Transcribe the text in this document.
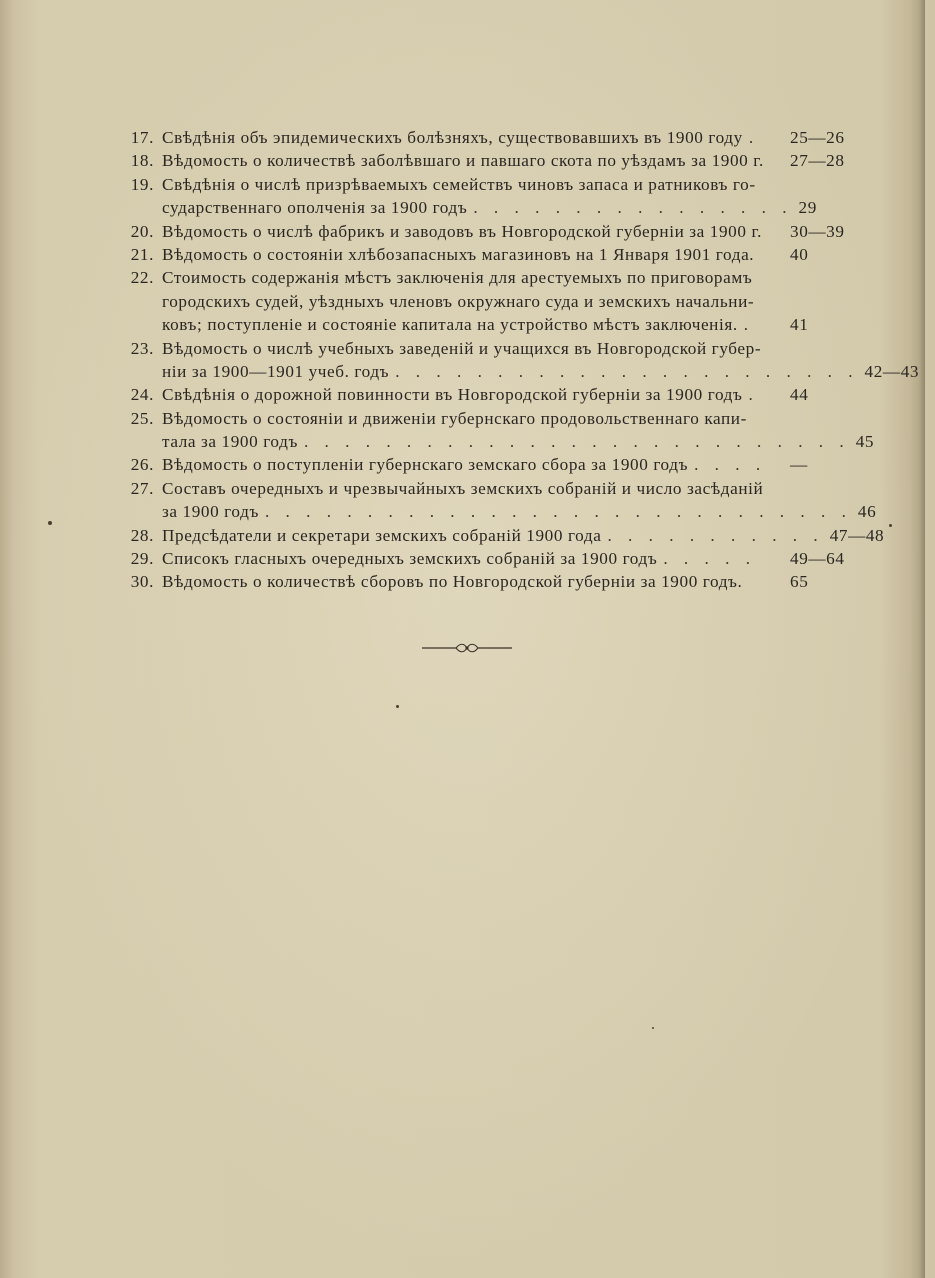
17. Свѣдѣнія объ эпидемическихъ болѣзняхъ, существовавшихъ въ 1900 году .	25—26
18. Вѣдомость о количествѣ заболѣвшаго и павшаго скота по уѣздамъ за 1900 г.	27—28
19. Свѣдѣнія о числѣ призрѣваемыхъ семействъ чиновъ запаса и ратниковъ го-
сударственнаго ополченія за 1900 годъ . . . . . . . . . . . . . . . . 29
20. Вѣдомость о числѣ фабрикъ и заводовъ въ Новгородской губерніи за 1900 г.	30—39
21. Вѣдомость о состояніи хлѣбозапасныхъ магазиновъ на 1 Января 1901 года.	40
22. Стоимость содержанія мѣстъ заключенія для арестуемыхъ по приговорамъ
городскихъ судей, уѣздныхъ членовъ окружнаго суда и земскихъ начальни-
ковъ; поступленіе и состояніе капитала на устройство мѣстъ заключенія. .	41
23. Вѣдомость о числѣ учебныхъ заведеній и учащихся въ Новгородской губер-
ніи за 1900—1901 учеб. годъ . . . . . . . . . . . . . . . . . . . . . . . 42—43
24. Свѣдѣнія о дорожной повинности въ Новгородской губерніи за 1900 годъ .	44
25. Вѣдомость о состояніи и движеніи губернскаго продовольственнаго капи-
тала за 1900 годъ . . . . . . . . . . . . . . . . . . . . . . . . . . . 45
26. Вѣдомость о поступленіи губернскаго земскаго сбора за 1900 годъ . . . .	—
27. Составъ очередныхъ и чрезвычайныхъ земскихъ собраній и число засѣданій
за 1900 годъ . . . . . . . . . . . . . . . . . . . . . . . . . . . . . 46
28. Предсѣдатели и секретари земскихъ собраній 1900 года . . . . . . . . . . . 47—48
29. Списокъ гласныхъ очередныхъ земскихъ собраній за 1900 годъ . . . . .	49—64
30. Вѣдомость о количествѣ сборовъ по Новгородской губерніи за 1900 годъ.	65
